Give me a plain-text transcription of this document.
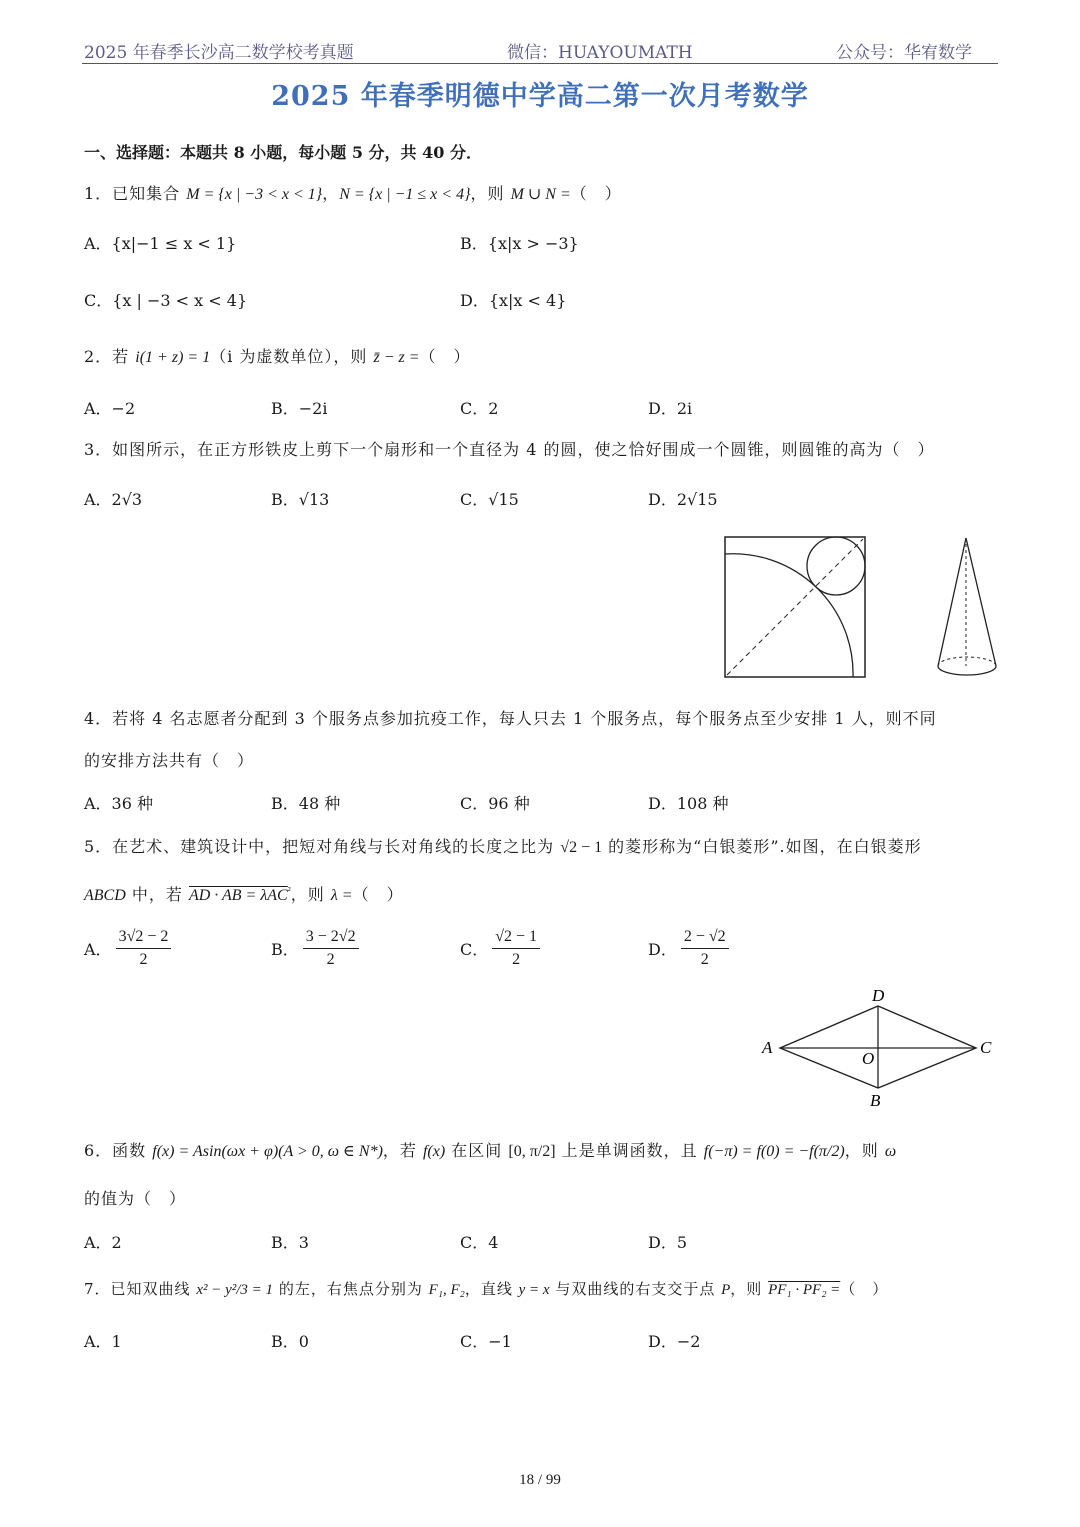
2025 年春季长沙高二数学校考真题	微信：HUAYOUMATH	公众号：华宥数学
2025 年春季明德中学高二第一次月考数学
一、选择题：本题共 8 小题，每小题 5 分，共 40 分．
1．已知集合 M = {x | −3 < x < 1}，N = {x | −1 ≤ x < 4}，则 M ∪ N =（　）
A．{x|−1 ≤ x < 1}	B．{x|x > −3}
C．{x | −3 < x < 4}	D．{x|x < 4}
2．若 i(1 + z) = 1（i 为虚数单位），则 z̄ − z =（　）
A．−2	B．−2i	C．2	D．2i
3．如图所示，在正方形铁皮上剪下一个扇形和一个直径为 4 的圆，使之恰好围成一个圆锥，则圆锥的高为（　）
A．2√3	B．√13	C．√15	D．2√15
4．若将 4 名志愿者分配到 3 个服务点参加抗疫工作，每人只去 1 个服务点，每个服务点至少安排 1 人，则不同
的安排方法共有（　）
A．36 种	B．48 种	C．96 种	D．108 种
5．在艺术、建筑设计中，把短对角线与长对角线的长度之比为 √2 − 1 的菱形称为“白银菱形”.如图，在白银菱形
ABCD 中，若 AD · AB = λAC$^{^2}$，则 λ =（　）
A． $\frac{3√2 - 2}{2}$	B． $\frac{3 - 2√2}{2}$	C． $\frac{√2 - 1}{2}$	D． $\frac{2 - √2}{2}$
A
B
C
D
O
6．函数 f(x) = Asin(ωx + φ)(A > 0, ω ∈ N*)，若 f(x) 在区间 [0, π/2] 上是单调函数，且 f(−π) = f(0) = −f(π/2)，则 ω
的值为（　）
A．2	B．3	C．4	D．5
7．已知双曲线 x² − y²/3 = 1 的左，右焦点分别为 F₁, F₂，直线 y = x 与双曲线的右支交于点 P，则 PF₁ · PF₂ =（　）
A．1	B．0	C．−1	D．−2
18 / 99
